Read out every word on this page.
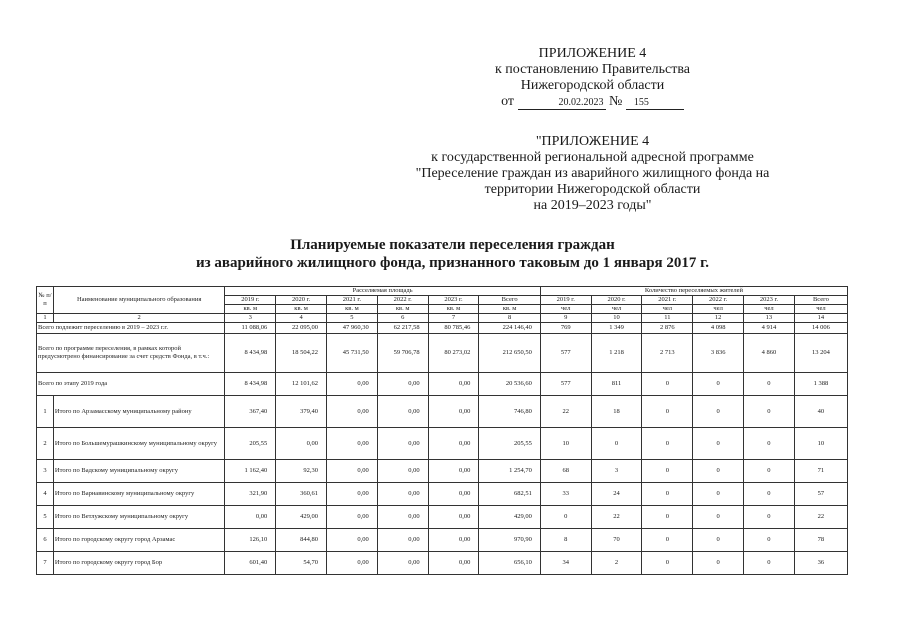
ПРИЛОЖЕНИЕ 4
к постановлению Правительства
Нижегородской области
от	20.02.2023 № 155
"ПРИЛОЖЕНИЕ 4
к государственной региональной адресной программе
"Переселение граждан из аварийного жилищного фонда на
территории Нижегородской области
на 2019–2023 годы"
Планируемые показатели переселения граждан
из аварийного жилищного фонда, признанного таковым до 1 января 2017 г.
№ п/п	Наименование муниципального образования	Расселяемая площадь						Количество переселяемых жителей					
		2019 г.	2020 г.	2021 г.	2022 г.	2023 г.	Всего	2019 г.	2020 г.	2021 г.	2022 г.	2023 г.	Всего
		кв. м	кв. м	кв. м	кв. м	кв. м	кв. м	чел	чел	чел	чел	чел	чел
1	2	3	4	5	6	7	8	9	10	11	12	13	14
Всего подлежит переселению в 2019 – 2023 г.г.		11 088,06	22 095,00	47 960,30	62 217,58	80 785,46	224 146,40	769	1 349	2 876	4 098	4 914	14 006
Всего по программе переселения, в рамках которой предусмотрено финансирование за счет средств Фонда, в т.ч.:		8 434,98	18 504,22	45 731,50	59 706,78	80 273,02	212 650,50	577	1 218	2 713	3 836	4 860	13 204
Всего по этапу 2019 года		8 434,98	12 101,62	0,00	0,00	0,00	20 536,60	577	811	0	0	0	1 388
1	Итого по Арзамасскому муниципальному району	367,40	379,40	0,00	0,00	0,00	746,80	22	18	0	0	0	40
2	Итого по Большемурашкинскому муниципальному округу	205,55	0,00	0,00	0,00	0,00	205,55	10	0	0	0	0	10
3	Итого по Вадскому муниципальному округу	1 162,40	92,30	0,00	0,00	0,00	1 254,70	68	3	0	0	0	71
4	Итого по Варнавинскому муниципальному округу	321,90	360,61	0,00	0,00	0,00	682,51	33	24	0	0	0	57
5	Итого по Ветлужскому муниципальному округу	0,00	429,00	0,00	0,00	0,00	429,00	0	22	0	0	0	22
6	Итого по городскому округу город Арзамас	126,10	844,80	0,00	0,00	0,00	970,90	8	70	0	0	0	78
7	Итого по городскому округу город Бор	601,40	54,70	0,00	0,00	0,00	656,10	34	2	0	0	0	36
